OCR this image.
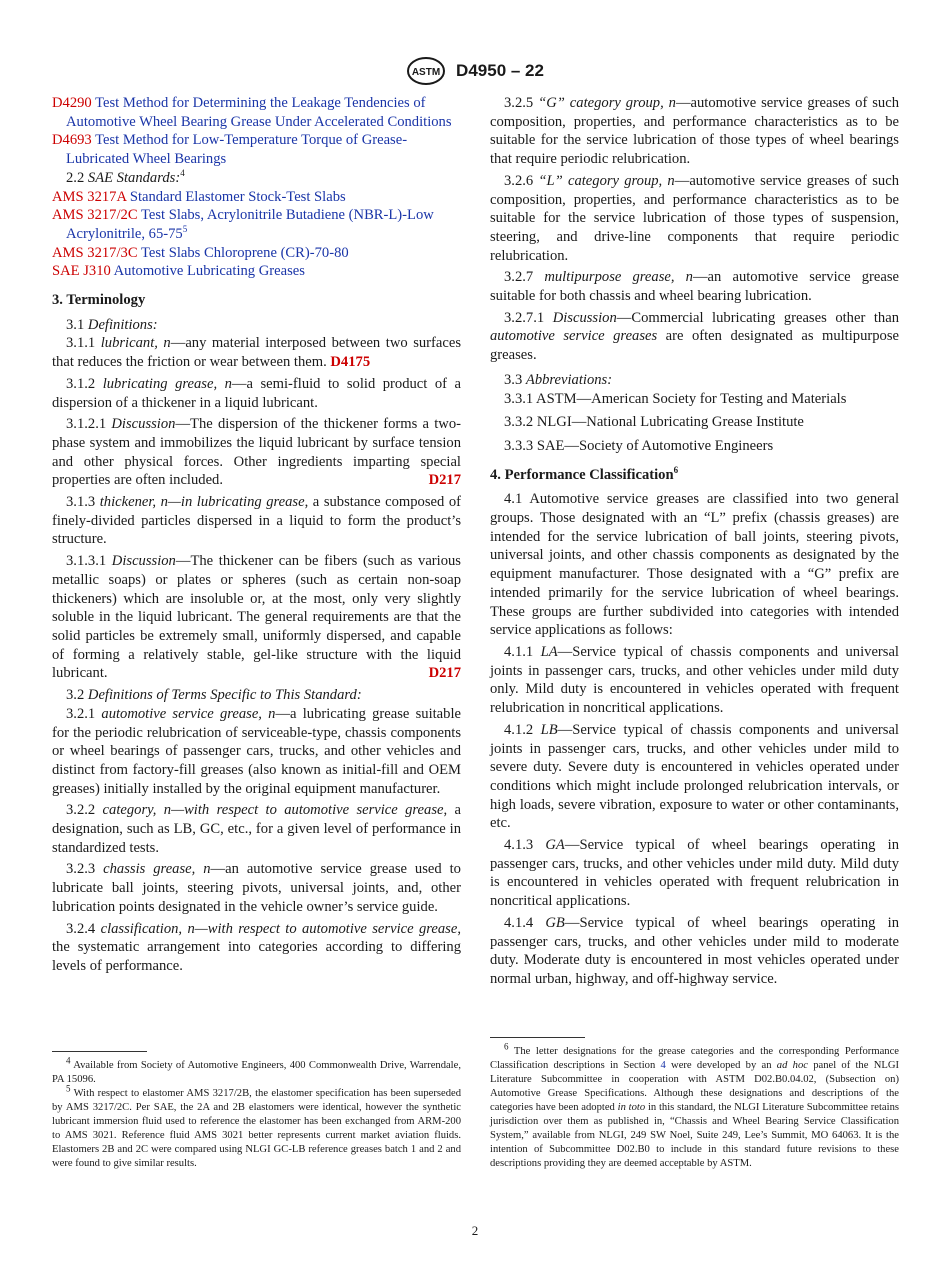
ASTM D4950 – 22

D4290 Test Method for Determining the Leakage Tendencies of Automotive Wheel Bearing Grease Under Accelerated Conditions

D4693 Test Method for Low-Temperature Torque of Grease-Lubricated Wheel Bearings

2.2 SAE Standards:$^4$

AMS 3217A Standard Elastomer Stock-Test Slabs

AMS 3217/2C Test Slabs, Acrylonitrile Butadiene (NBR-L)-Low Acrylonitrile, $65-75^5$

AMS 3217/3C Test Slabs Chloroprene (CR)-70-80

SAE J310 Automotive Lubricating Greases

3. Terminology

3.1 Definitions:

3.1.1 lubricant, n—any material interposed between two surfaces that reduces the friction or wear between them. D4175

3.1.2 lubricating grease, n—a semi-fluid to solid product of a dispersion of a thickener in a liquid lubricant.

3.1.2.1 Discussion—The dispersion of the thickener forms a two-phase system and immobilizes the liquid lubricant by surface tension and other physical forces. Other ingredients imparting special properties are often included.	D217

3.1.3 thickener, n—in lubricating grease, a substance composed of finely-divided particles dispersed in a liquid to form the product’s structure.

3.1.3.1 Discussion—The thickener can be fibers (such as various metallic soaps) or plates or spheres (such as certain non-soap thickeners) which are insoluble or, at the most, only very slightly soluble in the liquid lubricant. The general requirements are that the solid particles be extremely small, uniformly dispersed, and capable of forming a relatively stable, gel-like structure with the liquid lubricant.	D217

3.2 Definitions of Terms Specific to This Standard:

3.2.1 automotive service grease, n—a lubricating grease suitable for the periodic relubrication of serviceable-type, chassis components or wheel bearings of passenger cars, trucks, and other vehicles and distinct from factory-fill greases (also known as initial-fill and OEM greases) initially installed by the original equipment manufacturer.

3.2.2 category, n—with respect to automotive service grease, a designation, such as LB, GC, etc., for a given level of performance in standardized tests.

3.2.3 chassis grease, n—an automotive service grease used to lubricate ball joints, steering pivots, universal joints, and, other lubrication points designated in the vehicle owner’s service guide.

3.2.4 classification, n—with respect to automotive service grease, the systematic arrangement into categories according to differing levels of performance.

3.2.5 “G” category group, n—automotive service greases of such composition, properties, and performance characteristics as to be suitable for the service lubrication of those types of wheel bearings that require periodic relubrication.

3.2.6 “L” category group, n—automotive service greases of such composition, properties, and performance characteristics as to be suitable for the service lubrication of those types of suspension, steering, and drive-line components that require periodic relubrication.

3.2.7 multipurpose grease, n—an automotive service grease suitable for both chassis and wheel bearing lubrication.

3.2.7.1 Discussion—Commercial lubricating greases other than automotive service greases are often designated as multipurpose greases.

3.3 Abbreviations:

3.3.1 ASTM—American Society for Testing and Materials

3.3.2 NLGI—National Lubricating Grease Institute

3.3.3 SAE—Society of Automotive Engineers

4. Performance Classification$^6$

4.1 Automotive service greases are classified into two general groups. Those designated with an “L” prefix (chassis greases) are intended for the service lubrication of ball joints, steering pivots, universal joints, and other chassis components as designated by the equipment manufacturer. Those designated with a “G” prefix are intended primarily for the service lubrication of wheel bearings. These groups are further subdivided into categories with intended service applications as follows:

4.1.1 LA—Service typical of chassis components and universal joints in passenger cars, trucks, and other vehicles under mild duty only. Mild duty is encountered in vehicles operated with frequent relubrication in noncritical applications.

4.1.2 LB—Service typical of chassis components and universal joints in passenger cars, trucks, and other vehicles under mild to severe duty. Severe duty is encountered in vehicles operated under conditions which might include prolonged relubrication intervals, or high loads, severe vibration, exposure to water or other contaminants, etc.

4.1.3 GA—Service typical of wheel bearings operating in passenger cars, trucks, and other vehicles under mild duty. Mild duty is encountered in vehicles operated with frequent relubrication in noncritical applications.

4.1.4 GB—Service typical of wheel bearings operating in passenger cars, trucks, and other vehicles under mild to moderate duty. Moderate duty is encountered in most vehicles operated under normal urban, highway, and off-highway service.

$^4$ Available from Society of Automotive Engineers, 400 Commonwealth Drive, Warrendale, PA 15096.

$^5$ With respect to elastomer AMS 3217/2B, the elastomer specification has been superseded by AMS 3217/2C. Per SAE, the 2A and 2B elastomers were identical, however the synthetic lubricant immersion fluid used to reference the elastomer has been exchanged from ARM-200 to AMS 3021. Reference fluid AMS 3021 better represents current market aviation fluids. Elastomers 2B and 2C were compared using NLGI GC-LB reference greases batch 1 and 2 and were found to give similar results.

$^6$ The letter designations for the grease categories and the corresponding Performance Classification descriptions in Section 4 were developed by an ad hoc panel of the NLGI Literature Subcommittee in cooperation with ASTM D02.B0.04.02, (Subsection on) Automotive Grease Specifications. Although these designations and descriptions of the categories have been adopted in toto in this standard, the NLGI Literature Subcommittee retains jurisdiction over them as published in, “Chassis and Wheel Bearing Service Classification System,” available from NLGI, 249 SW Noel, Suite 249, Lee’s Summit, MO 64063. It is the intention of Subcommittee D02.B0 to include in this standard future revisions to these descriptions providing they are deemed acceptable by ASTM.

2
